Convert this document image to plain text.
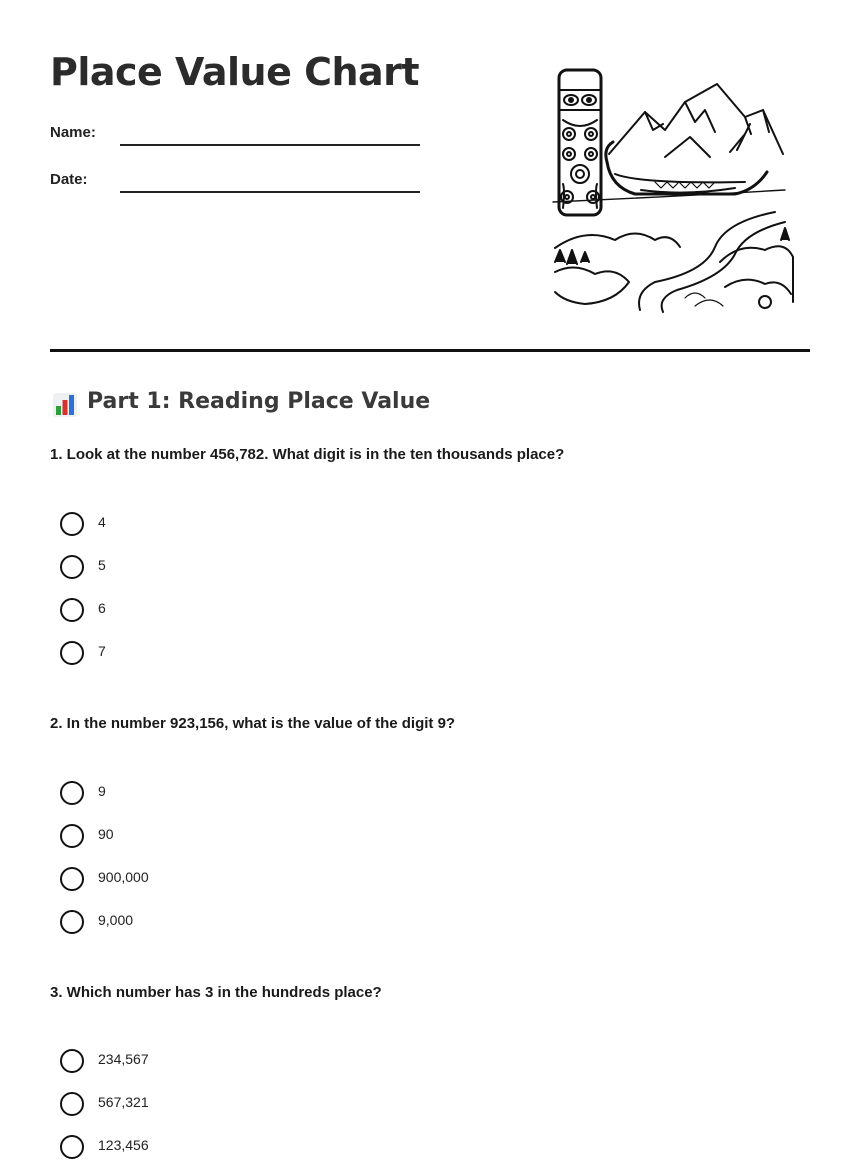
Place Value Chart
Name:
Date:
Part 1: Reading Place Value
1. Look at the number 456,782. What digit is in the ten thousands place?
4
5
6
7
2. In the number 923,156, what is the value of the digit 9?
9
90
900,000
9,000
3. Which number has 3 in the hundreds place?
234,567
567,321
123,456
